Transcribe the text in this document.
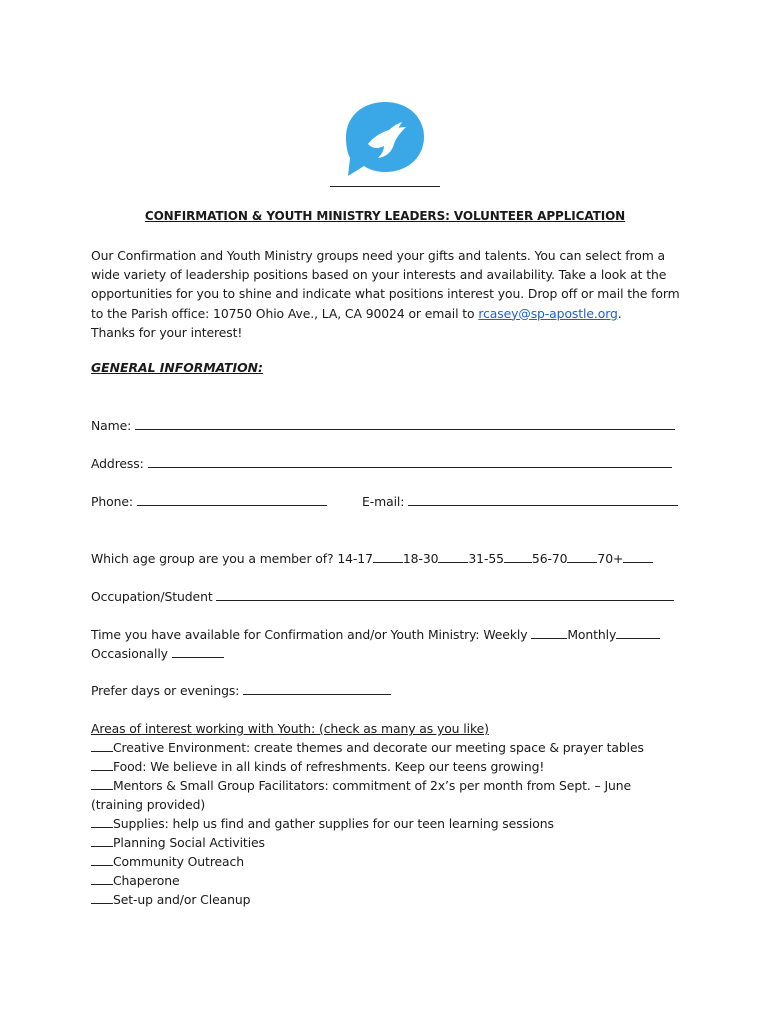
CONFIRMATION & YOUTH MINISTRY LEADERS: VOLUNTEER APPLICATION
Our Confirmation and Youth Ministry groups need your gifts and talents. You can select from a wide variety of leadership positions based on your interests and availability. Take a look at the opportunities for you to shine and indicate what positions interest you. Drop off or mail the form to the Parish office: 10750 Ohio Ave., LA, CA 90024 or email to rcasey@sp-apostle.org.
Thanks for your interest!
GENERAL INFORMATION:
Name:
Address:
Phone:	E-mail:
Which age group are you a member of? 14-17 18-30 31-55 56-70 70+
Occupation/Student
Time you have available for Confirmation and/or Youth Ministry: Weekly	Monthly
Occasionally
Prefer days or evenings:
Areas of interest working with Youth: (check as many as you like)
Creative Environment: create themes and decorate our meeting space & prayer tables
Food: We believe in all kinds of refreshments. Keep our teens growing!
Mentors & Small Group Facilitators: commitment of 2x’s per month from Sept. – June
(training provided)
Supplies: help us find and gather supplies for our teen learning sessions
Planning Social Activities
Community Outreach
Chaperone
Set-up and/or Cleanup
